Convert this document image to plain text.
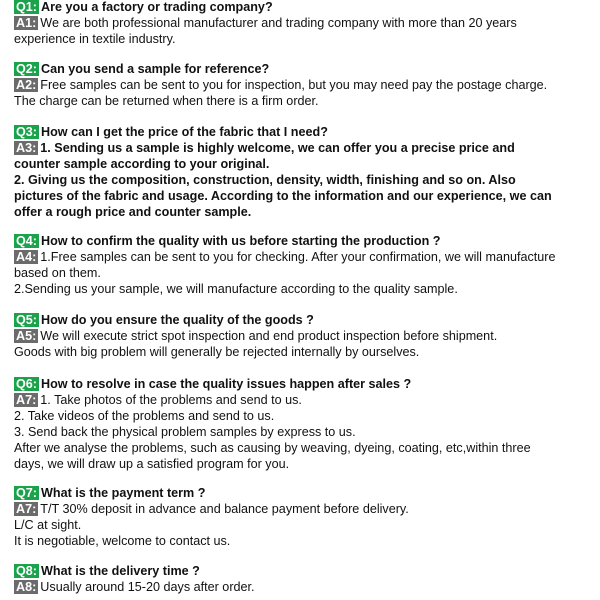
Q1: Are you a factory or trading company?
A1: We are both professional manufacturer and trading company with more than 20 years
experience in textile industry.
Q2: Can you send a sample for reference?
A2: Free samples can be sent to you for inspection, but you may need pay the postage charge.
The charge can be returned when there is a firm order.
Q3: How can I get the price of the fabric that I need?
A3: 1. Sending us a sample is highly welcome, we can offer you a precise price and
counter sample according to your original.
2. Giving us the composition, construction, density, width, finishing and so on. Also
pictures of the fabric and usage. According to the information and our experience, we can
offer a rough price and counter sample.
Q4: How to confirm the quality with us before starting the production ?
A4: 1.Free samples can be sent to you for checking. After your confirmation, we will manufacture
based on them.
2.Sending us your sample, we will manufacture according to the quality sample.
Q5: How do you ensure the quality of the goods ?
A5: We will execute strict spot inspection and end product inspection before shipment.
Goods with big problem will generally be rejected internally by ourselves.
Q6: How to resolve in case the quality issues happen after sales ?
A7: 1. Take photos of the problems and send to us.
2. Take videos of the problems and send to us.
3. Send back the physical problem samples by express to us.
After we analyse the problems, such as causing by weaving, dyeing, coating, etc,within three
days, we will draw up a satisfied program for you.
Q7: What is the payment term ?
A7: T/T 30% deposit in advance and balance payment before delivery.
L/C at sight.
It is negotiable, welcome to contact us.
Q8: What is the delivery time ?
A8: Usually around 15-20 days after order.
